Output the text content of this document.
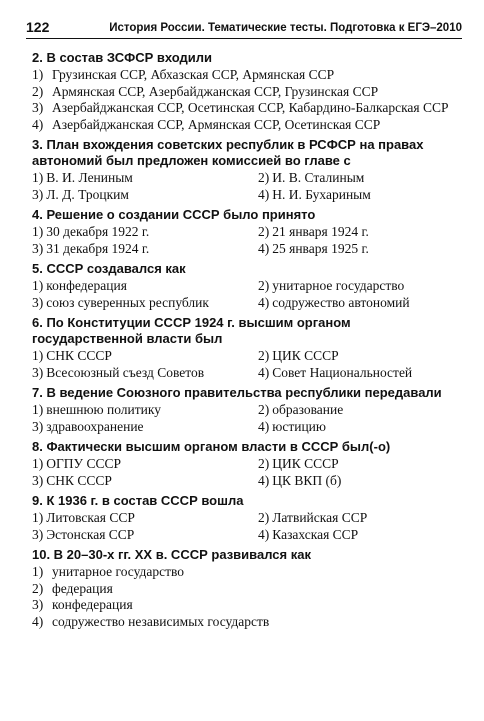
122	История России. Тематические тесты. Подготовка к ЕГЭ–2010
2. В состав ЗСФСР входили
1) Грузинская ССР, Абхазская ССР, Армянская ССР
2) Армянская ССР, Азербайджанская ССР, Грузинская ССР
3) Азербайджанская ССР, Осетинская ССР, Кабардино-Балкарская ССР
4) Азербайджанская ССР, Армянская ССР, Осетинская ССР
3. План вхождения советских республик в РСФСР на правах автономий был предложен комиссией во главе с
1) В. И. Лениным	2) И. В. Сталиным
3) Л. Д. Троцким	4) Н. И. Бухариным
4. Решение о создании СССР было принято
1) 30 декабря 1922 г.	2) 21 января 1924 г.
3) 31 декабря 1924 г.	4) 25 января 1925 г.
5. СССР создавался как
1) конфедерация	2) унитарное государство
3) союз суверенных республик	4) содружество автономий
6. По Конституции СССР 1924 г. высшим органом государственной власти был
1) СНК СССР	2) ЦИК СССР
3) Всесоюзный съезд Советов	4) Совет Национальностей
7. В ведение Союзного правительства республики передавали
1) внешнюю политику	2) образование
3) здравоохранение	4) юстицию
8. Фактически высшим органом власти в СССР был(-о)
1) ОГПУ СССР	2) ЦИК СССР
3) СНК СССР	4) ЦК ВКП (б)
9. К 1936 г. в состав СССР вошла
1) Литовская ССР	2) Латвийская ССР
3) Эстонская ССР	4) Казахская ССР
10. В 20–30-х гг. XX в. СССР развивался как
1) унитарное государство
2) федерация
3) конфедерация
4) содружество независимых государств
